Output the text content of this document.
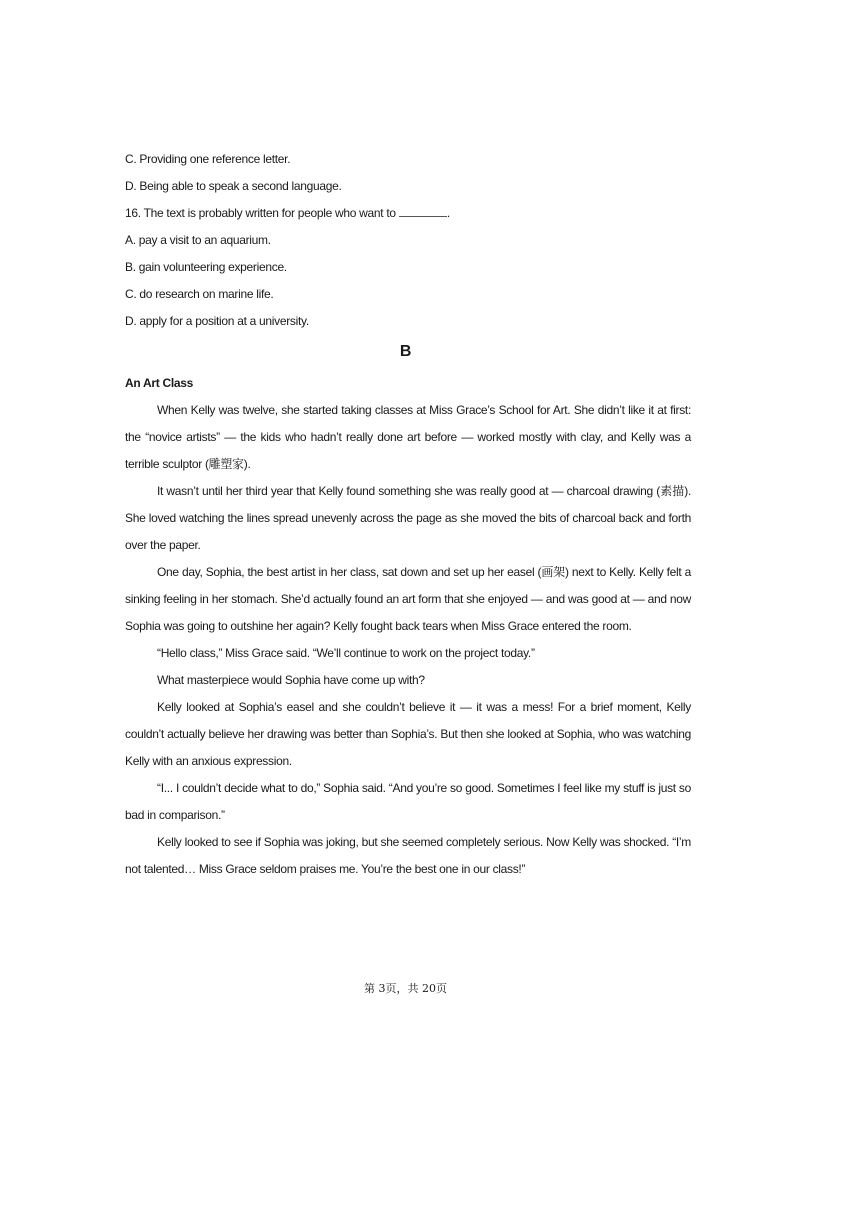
C. Providing one reference letter.
D. Being able to speak a second language.
16. The text is probably written for people who want to	.
A. pay a visit to an aquarium.
B. gain volunteering experience.
C. do research on marine life.
D. apply for a position at a university.
B
An Art Class
When Kelly was twelve, she started taking classes at Miss Grace’s School for Art. She didn’t like it at first: the “novice artists” — the kids who hadn’t really done art before — worked mostly with clay, and Kelly was a terrible sculptor (雕塑家).
It wasn’t until her third year that Kelly found something she was really good at — charcoal drawing (素描). She loved watching the lines spread unevenly across the page as she moved the bits of charcoal back and forth over the paper.
One day, Sophia, the best artist in her class, sat down and set up her easel (画架) next to Kelly. Kelly felt a sinking feeling in her stomach. She’d actually found an art form that she enjoyed — and was good at — and now Sophia was going to outshine her again? Kelly fought back tears when Miss Grace entered the room.
“Hello class,” Miss Grace said. “We’ll continue to work on the project today.”
What masterpiece would Sophia have come up with?
Kelly looked at Sophia’s easel and she couldn’t believe it — it was a mess! For a brief moment, Kelly couldn’t actually believe her drawing was better than Sophia’s. But then she looked at Sophia, who was watching Kelly with an anxious expression.
“I... I couldn’t decide what to do,” Sophia said. “And you’re so good. Sometimes I feel like my stuff is just so bad in comparison.”
Kelly looked to see if Sophia was joking, but she seemed completely serious. Now Kelly was shocked. “I’m not talented… Miss Grace seldom praises me. You’re the best one in our class!”
第 3页，共 20页
